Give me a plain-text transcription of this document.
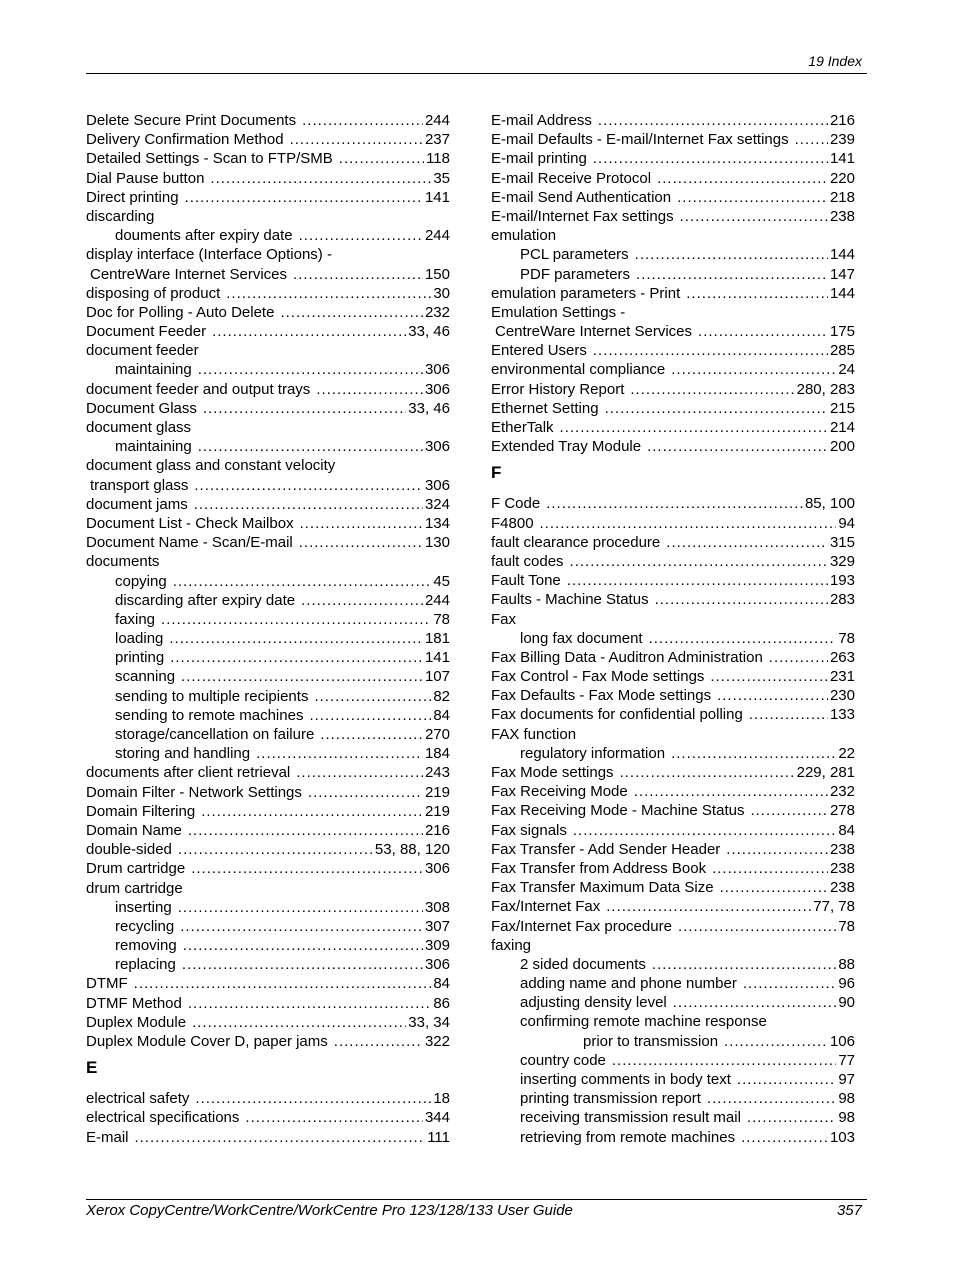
19 Index
Delete Secure Print Documents .....	244
Delivery Confirmation Method .....	237
Detailed Settings - Scan to FTP/SMB .....	118
Dial Pause button .....	35
Direct printing .....	141
discarding
douments after expiry date .....	244
display interface (Interface Options) -
CentreWare Internet Services .....	150
disposing of product .....	30
Doc for Polling - Auto Delete .....	232
Document Feeder .....	33, 46
document feeder
maintaining .....	306
document feeder and output trays .....	306
Document Glass .....	33, 46
document glass
maintaining .....	306
document glass and constant velocity
transport glass .....	306
document jams .....	324
Document List - Check Mailbox .....	134
Document Name - Scan/E-mail .....	130
documents
copying .....	45
discarding after expiry date .....	244
faxing .....	78
loading .....	181
printing .....	141
scanning .....	107
sending to multiple recipients .....	82
sending to remote machines .....	84
storage/cancellation on failure .....	270
storing and handling .....	184
documents after client retrieval .....	243
Domain Filter - Network Settings .....	219
Domain Filtering .....	219
Domain Name .....	216
double-sided .....	53, 88, 120
Drum cartridge .....	306
drum cartridge
inserting .....	308
recycling .....	307
removing .....	309
replacing .....	306
DTMF .....	84
DTMF Method .....	86
Duplex Module .....	33, 34
Duplex Module Cover D, paper jams .....	322
E
electrical safety .....	18
electrical specifications .....	344
E-mail .....	111
E-mail Address .....	216
E-mail Defaults - E-mail/Internet Fax settings .....	239
E-mail printing .....	141
E-mail Receive Protocol .....	220
E-mail Send Authentication .....	218
E-mail/Internet Fax settings .....	238
emulation
PCL parameters .....	144
PDF parameters .....	147
emulation parameters - Print .....	144
Emulation Settings -
CentreWare Internet Services .....	175
Entered Users .....	285
environmental compliance .....	24
Error History Report .....	280, 283
Ethernet Setting .....	215
EtherTalk .....	214
Extended Tray Module .....	200
F
F Code .....	85, 100
F4800 .....	94
fault clearance procedure .....	315
fault codes .....	329
Fault Tone .....	193
Faults - Machine Status .....	283
Fax
long fax document .....	78
Fax Billing Data - Auditron Administration .....	263
Fax Control - Fax Mode settings .....	231
Fax Defaults - Fax Mode settings .....	230
Fax documents for confidential polling .....	133
FAX function
regulatory information .....	22
Fax Mode settings .....	229, 281
Fax Receiving Mode .....	232
Fax Receiving Mode - Machine Status .....	278
Fax signals .....	84
Fax Transfer - Add Sender Header .....	238
Fax Transfer from Address Book .....	238
Fax Transfer Maximum Data Size .....	238
Fax/Internet Fax .....	77, 78
Fax/Internet Fax procedure .....	78
faxing
2 sided documents .....	88
adding name and phone number .....	96
adjusting density level .....	90
confirming remote machine response
prior to transmission .....	106
country code .....	77
inserting comments in body text .....	97
printing transmission report .....	98
receiving transmission result mail .....	98
retrieving from remote machines .....	103
Xerox CopyCentre/WorkCentre/WorkCentre Pro 123/128/133 User Guide	357
